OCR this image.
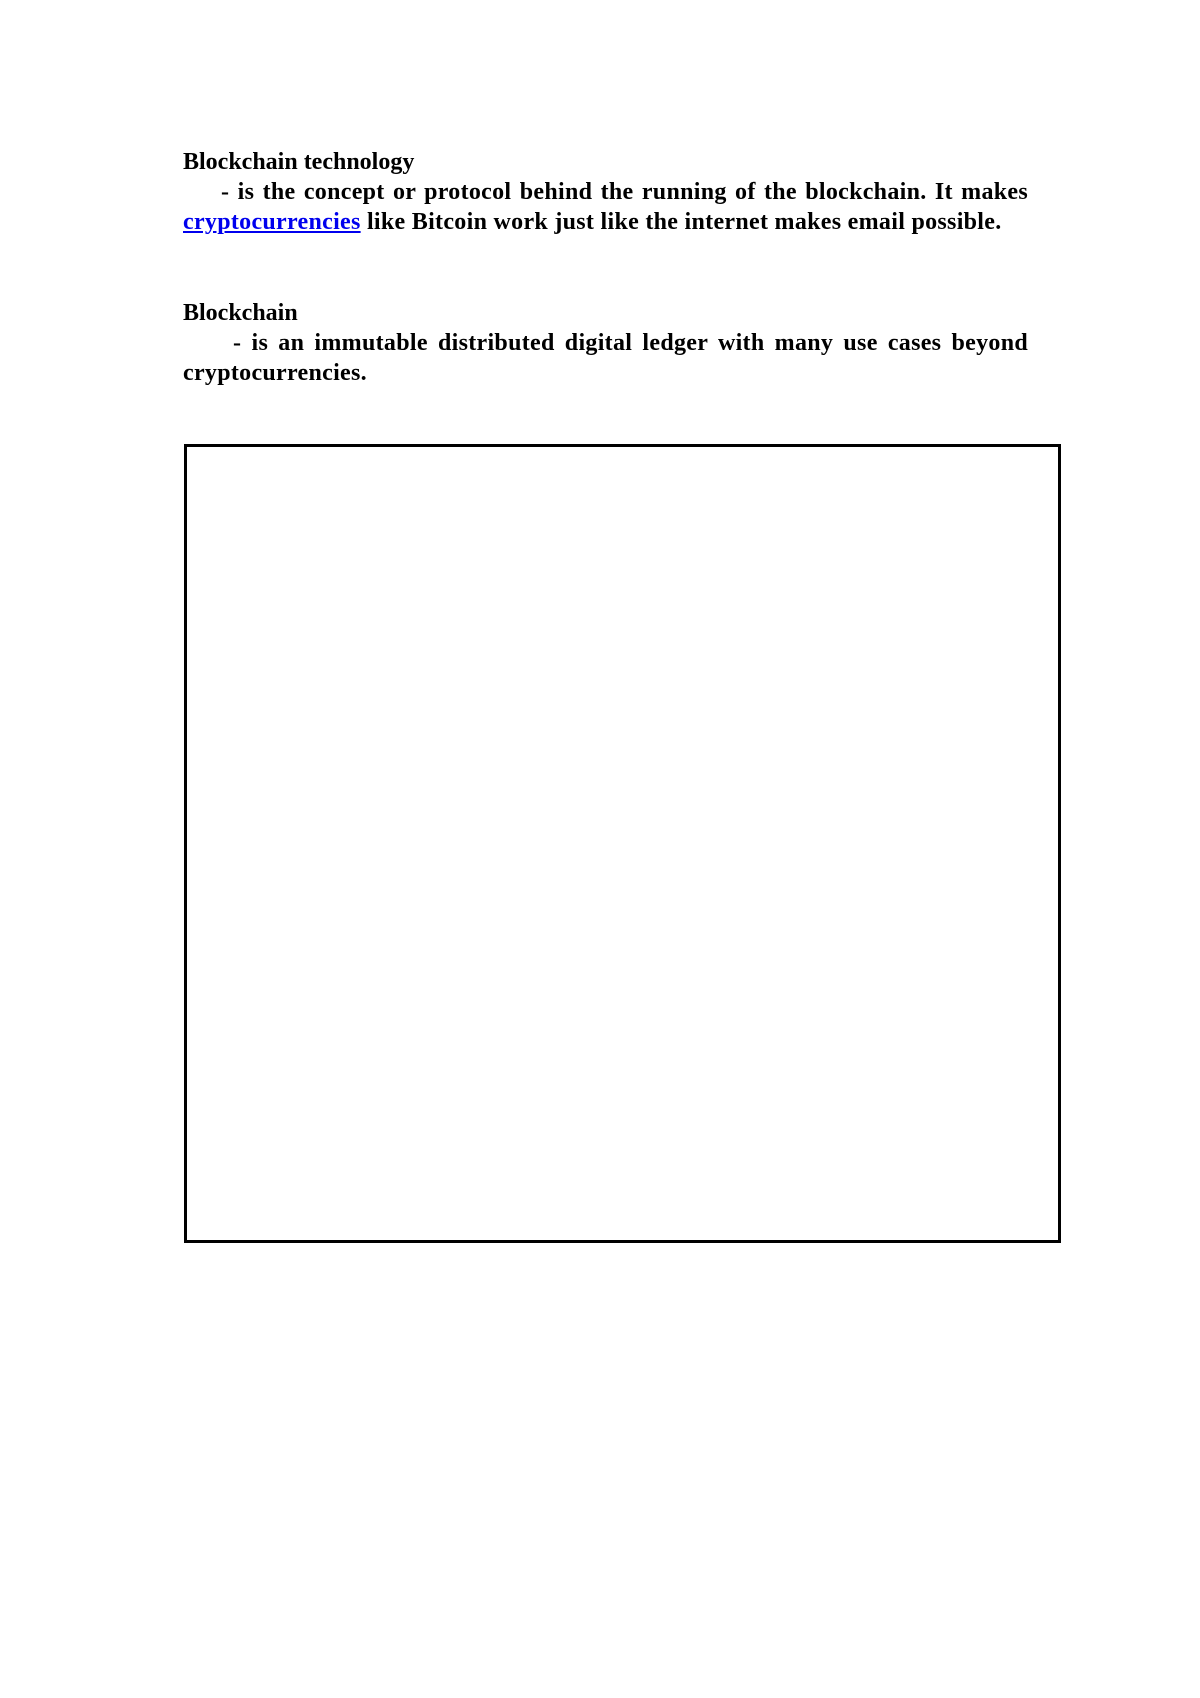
Blockchain technology

- is the concept or protocol behind the running of the blockchain. It makes cryptocurrencies like Bitcoin work just like the internet makes email possible.

Blockchain

- is an immutable distributed digital ledger with many use cases beyond cryptocurrencies.
